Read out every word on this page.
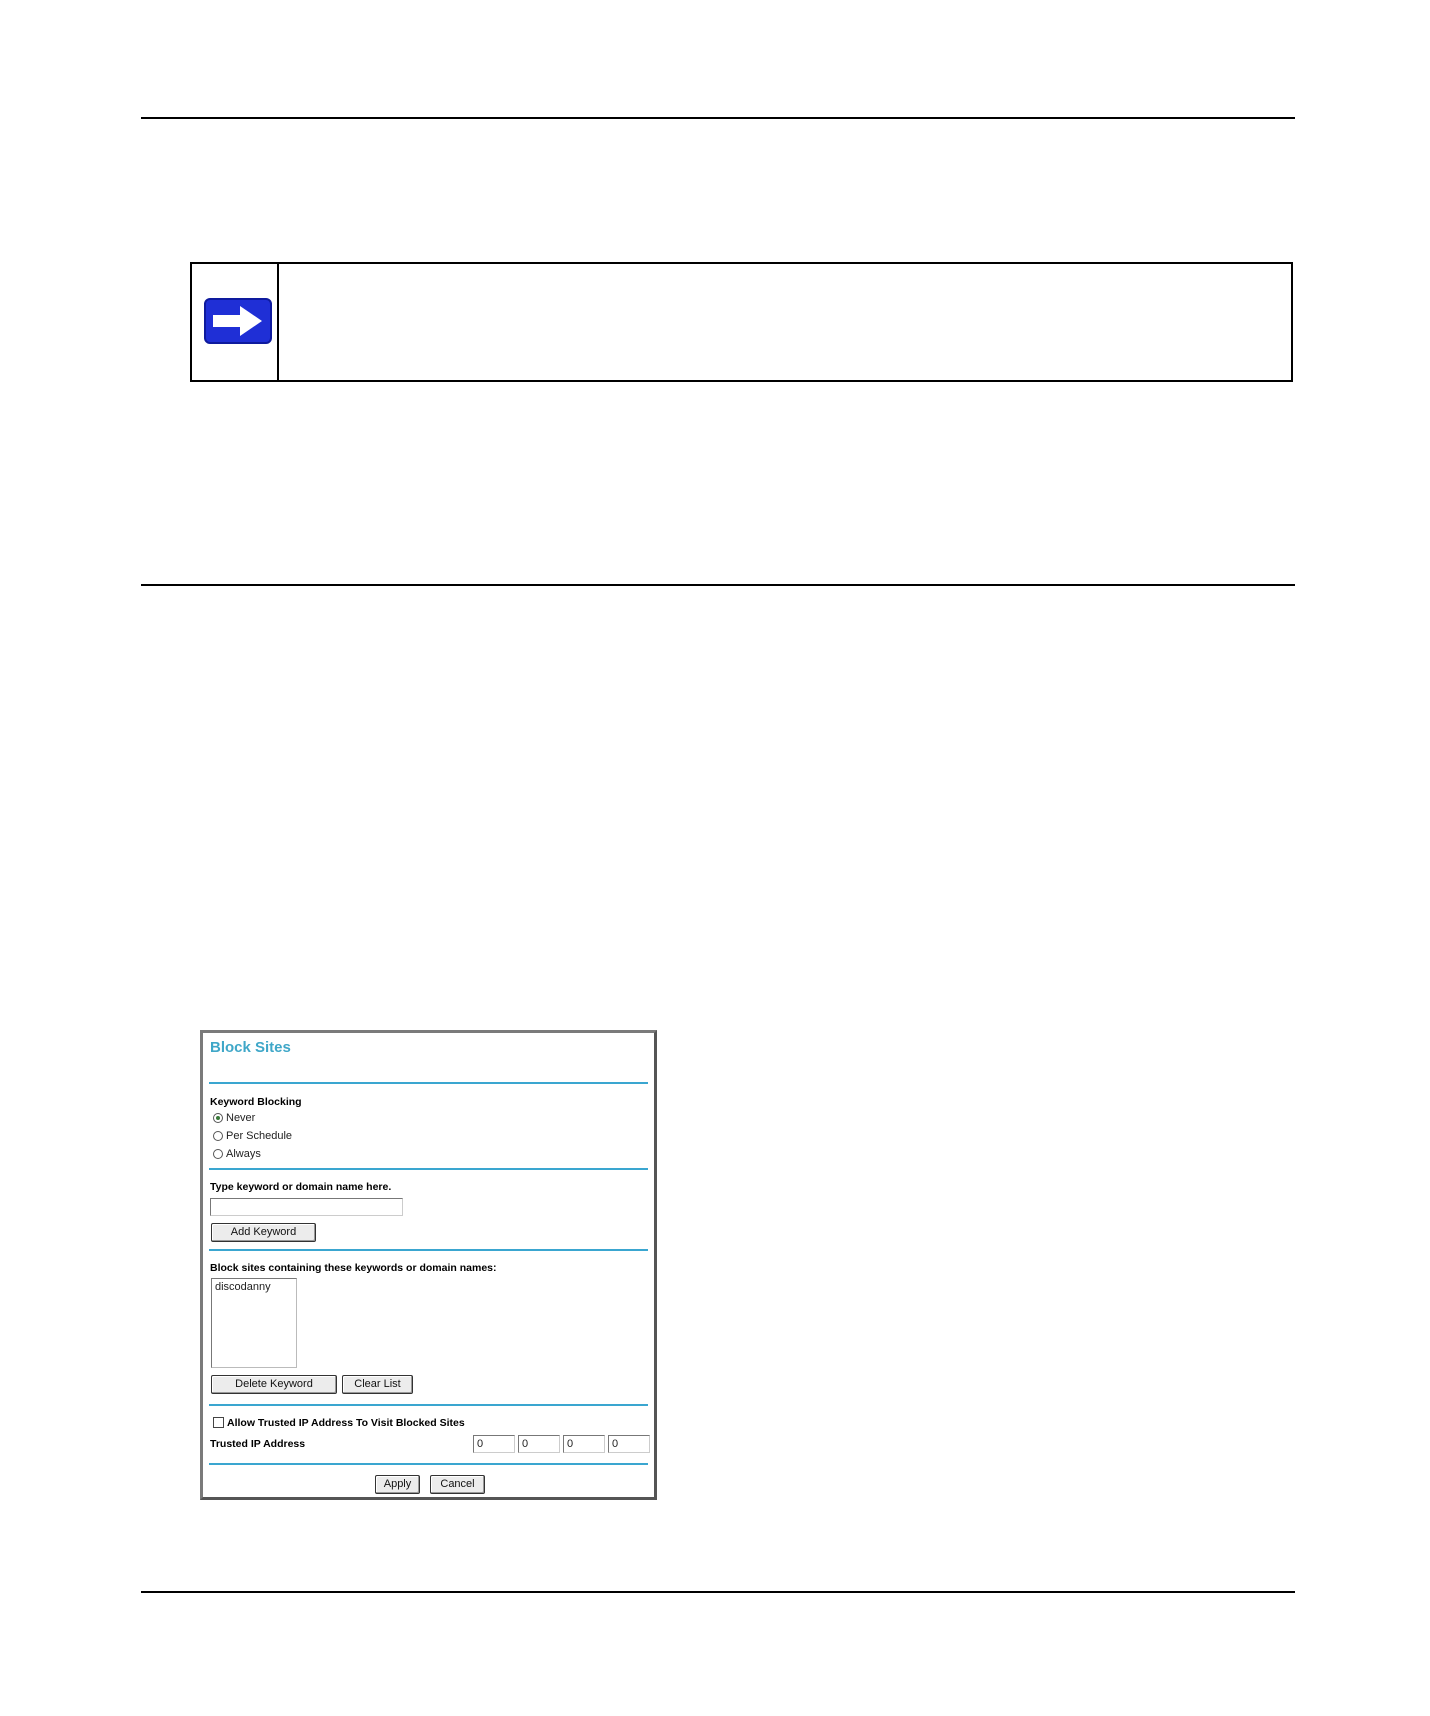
Block Sites
Keyword Blocking
Never
Per Schedule
Always
Type keyword or domain name here.
Add Keyword
Block sites containing these keywords or domain names:
discodanny
Delete Keyword	Clear List
Allow Trusted IP Address To Visit Blocked Sites
Trusted IP Address
0
0
0
0
Apply	Cancel
